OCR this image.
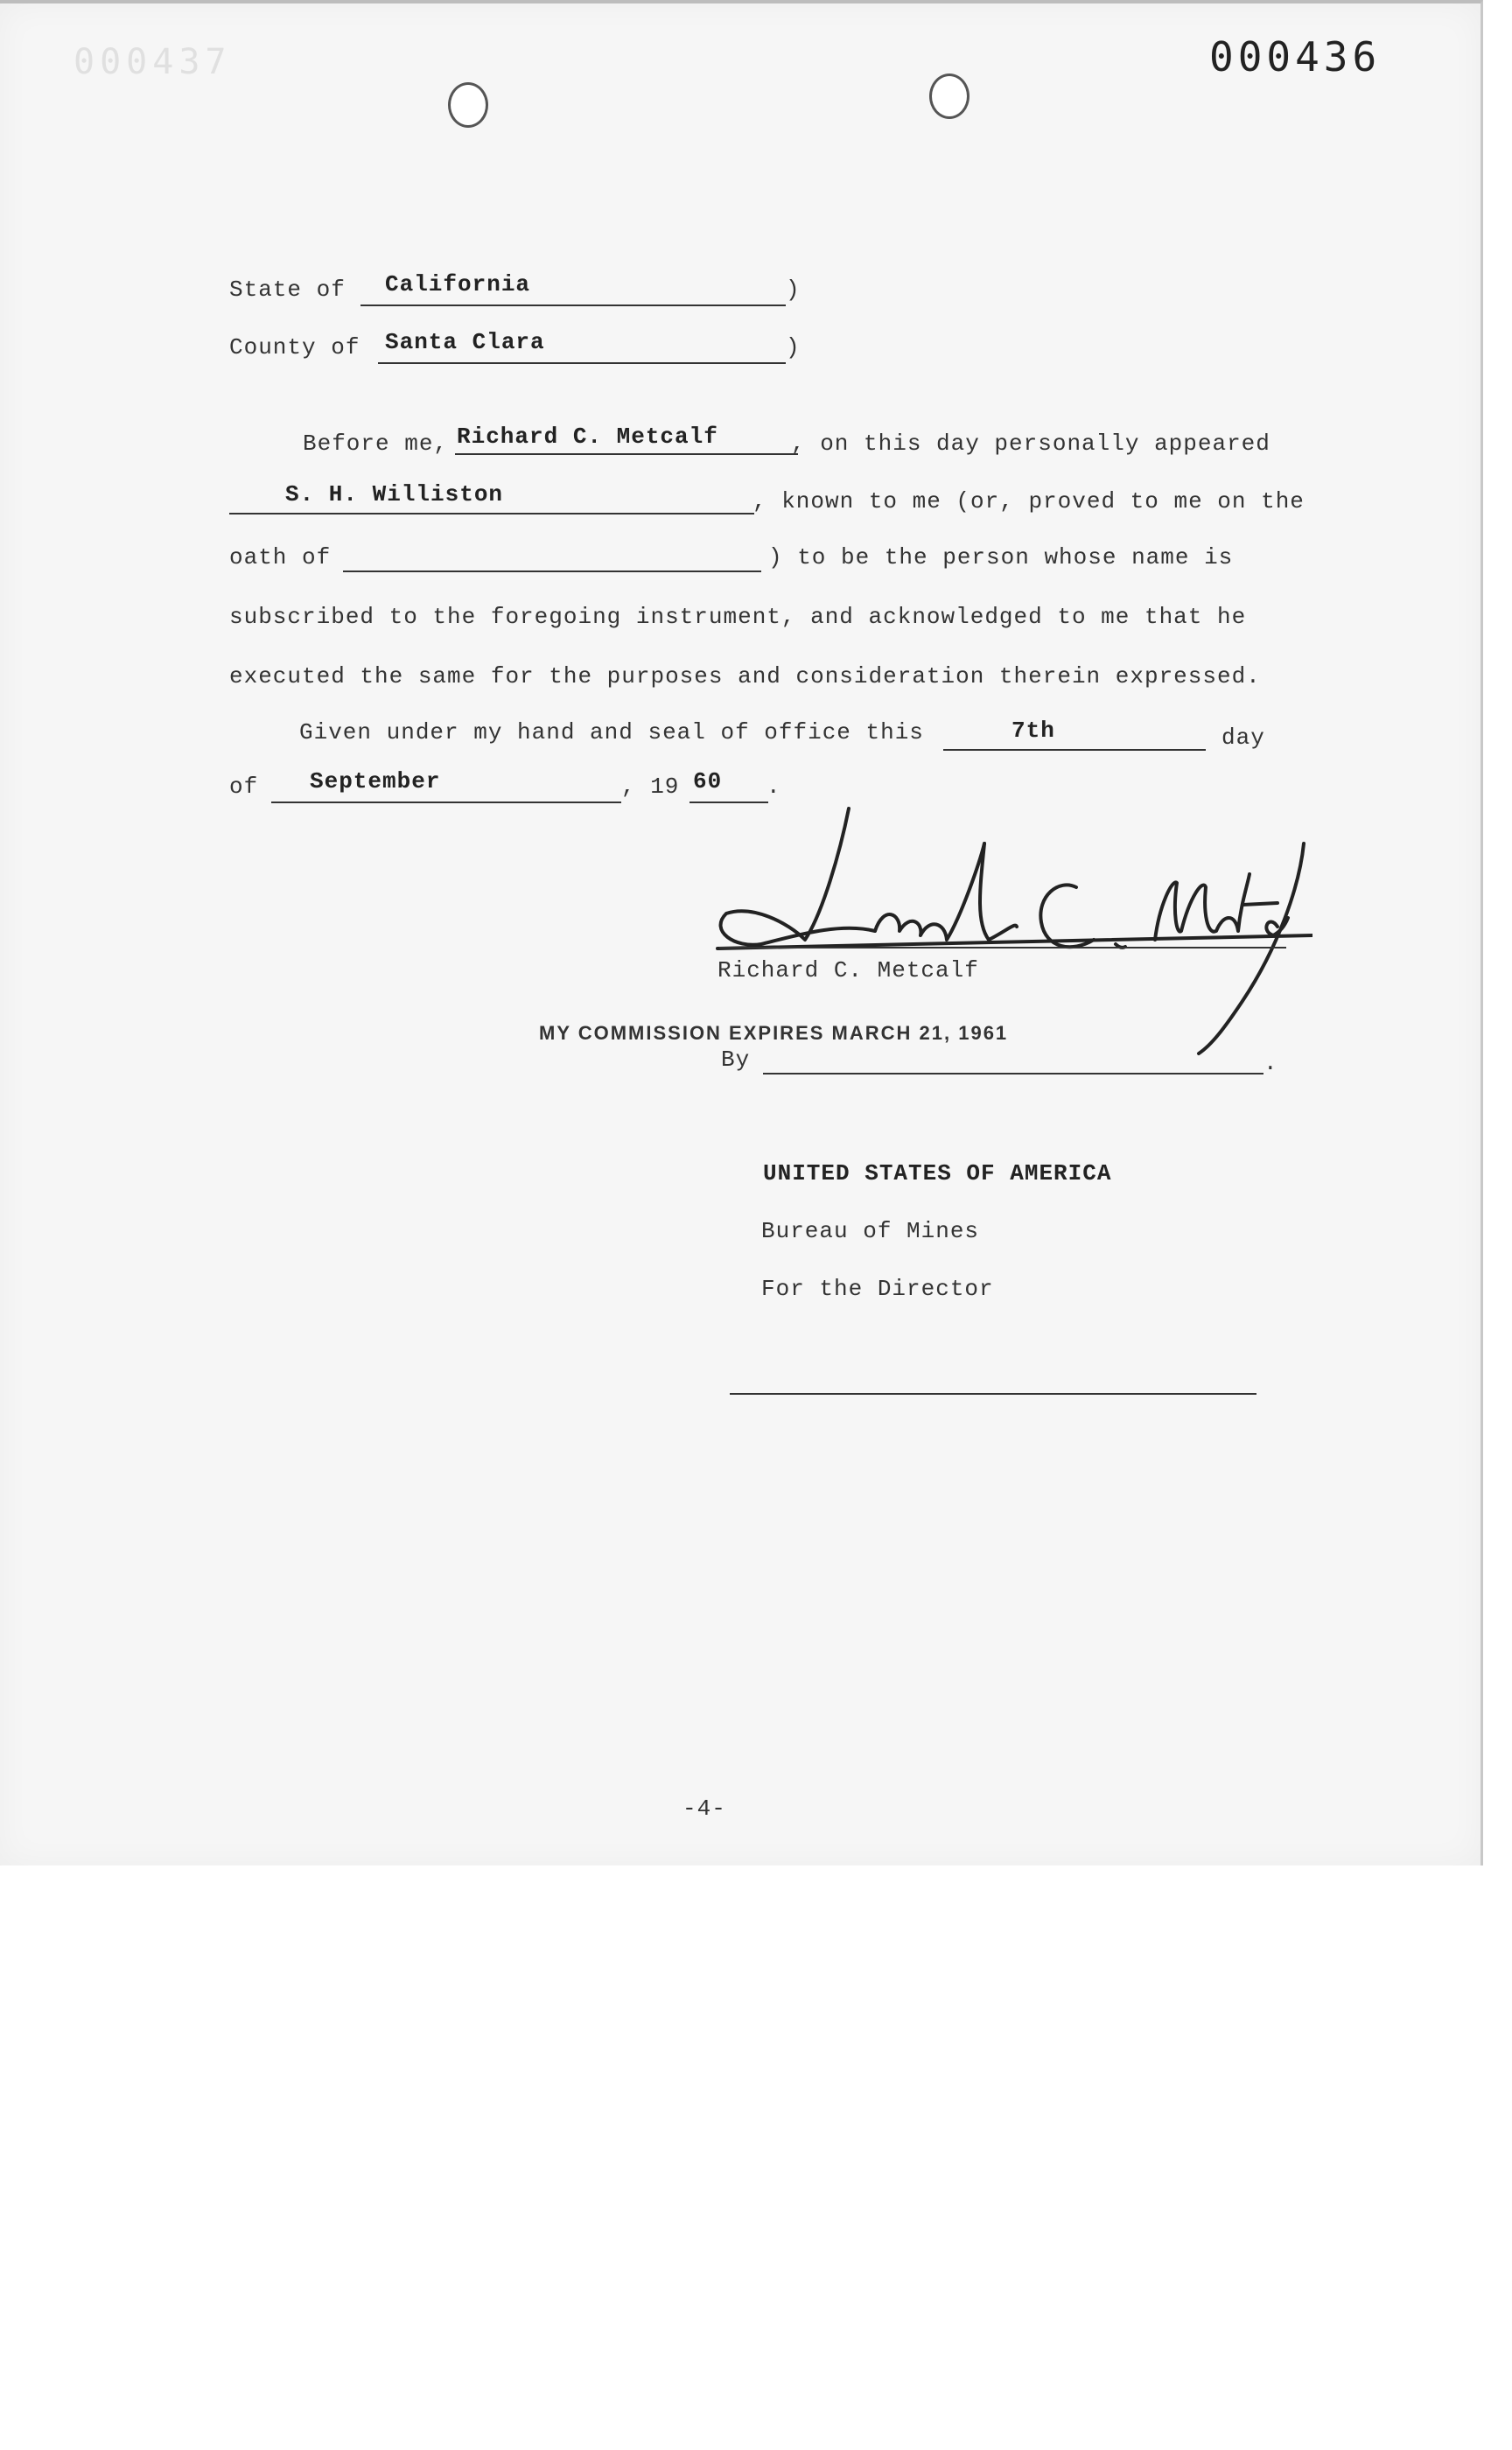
000437	000436
State of California	)
County of Santa Clara	)
Before me, Richard C. Metcalf	, on this day personally appeared
S. H. Williston	, known to me (or, proved to me on the
oath of	) to be the person whose name is
subscribed to the foregoing instrument, and acknowledged to me that he
executed the same for the purposes and consideration therein expressed.
Given under my hand and seal of office this	7th	day
of September	, 19 60 .
Richard C. Metcalf
MY COMMISSION EXPIRES MARCH 21, 1961
By	.
UNITED STATES OF AMERICA
Bureau of Mines
For the Director
-4-
